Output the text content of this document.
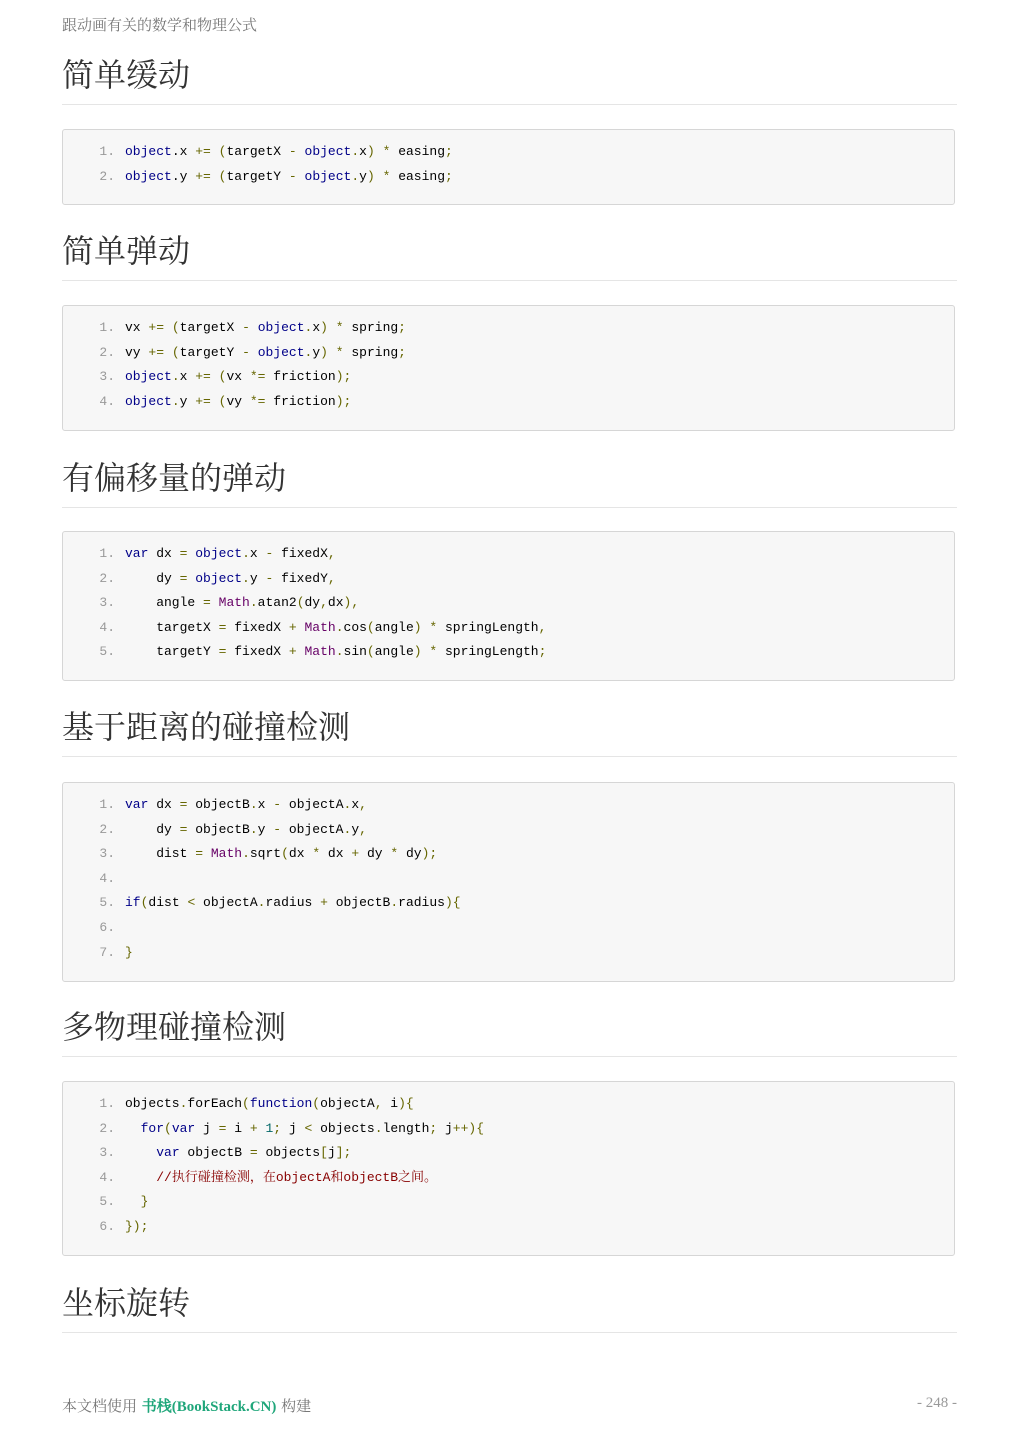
跟动画有关的数学和物理公式
简单缓动
1. object.x += (targetX - object.x) * easing;
2. object.y += (targetY - object.y) * easing;
简单弹动
1. vx += (targetX - object.x) * spring;
2. vy += (targetY - object.y) * spring;
3. object.x += (vx *= friction);
4. object.y += (vy *= friction);
有偏移量的弹动
1. var dx = object.x - fixedX,
2.    dy = object.y - fixedY,
3.    angle = Math.atan2(dy,dx),
4.    targetX = fixedX + Math.cos(angle) * springLength,
5.    targetY = fixedX + Math.sin(angle) * springLength;
基于距离的碰撞检测
1. var dx = objectB.x - objectA.x,
2.    dy = objectB.y - objectA.y,
3.    dist = Math.sqrt(dx * dx + dy * dy);
4.
5. if(dist < objectA.radius + objectB.radius){
6.
7. }
多物理碰撞检测
1. objects.forEach(function(objectA, i){
2. for(var j = i + 1; j < objects.length; j++){
3.	var objectB = objects[j];
4.	//执行碰撞检测，在objectA和objectB之间。
5. }
6. });
坐标旋转
本文档使用 书栈(BookStack.CN) 构建	- 248 -
